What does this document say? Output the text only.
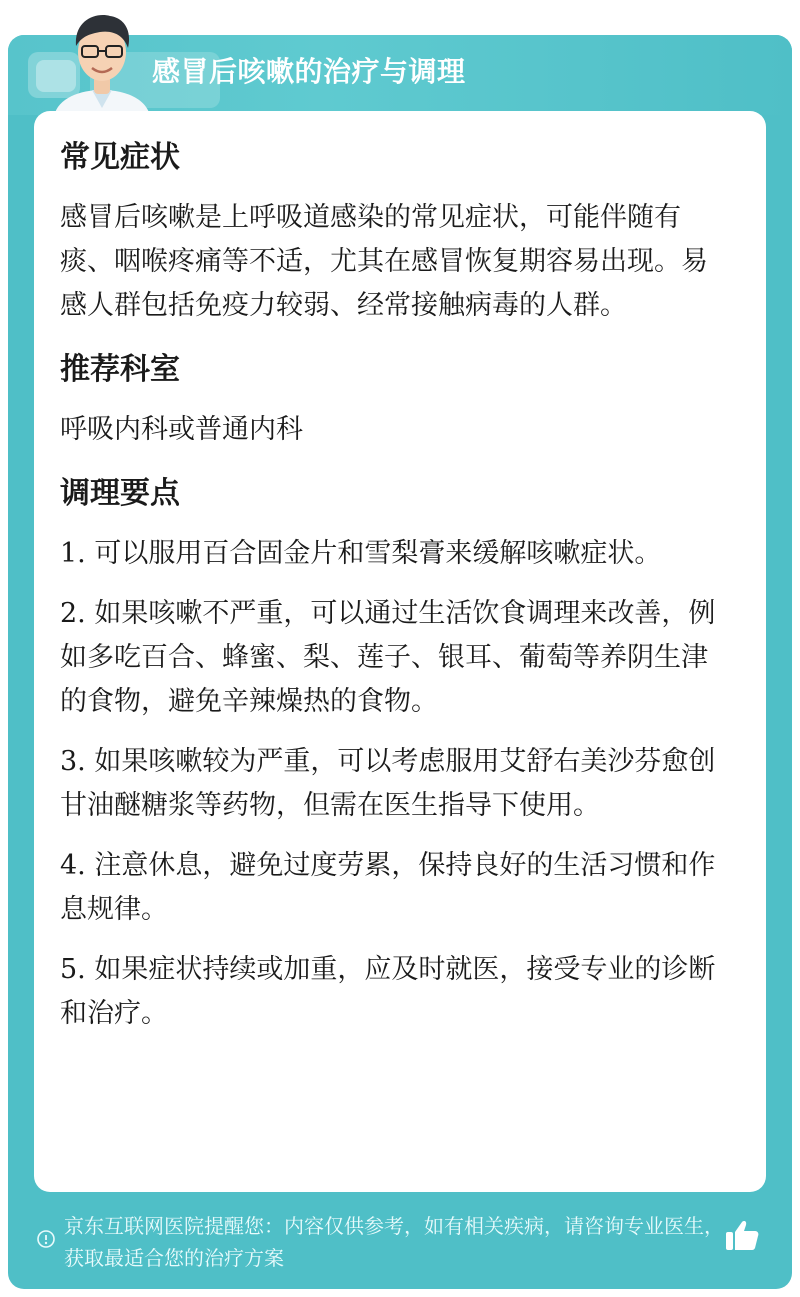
感冒后咳嗽的治疗与调理

常见症状

感冒后咳嗽是上呼吸道感染的常见症状，可能伴随有痰、咽喉疼痛等不适，尤其在感冒恢复期容易出现。易感人群包括免疫力较弱、经常接触病毒的人群。

推荐科室

呼吸内科或普通内科

调理要点

1. 可以服用百合固金片和雪梨膏来缓解咳嗽症状。

2. 如果咳嗽不严重，可以通过生活饮食调理来改善，例如多吃百合、蜂蜜、梨、莲子、银耳、葡萄等养阴生津的食物，避免辛辣燥热的食物。

3. 如果咳嗽较为严重，可以考虑服用艾舒右美沙芬愈创甘油醚糖浆等药物，但需在医生指导下使用。

4. 注意休息，避免过度劳累，保持良好的生活习惯和作息规律。

5. 如果症状持续或加重，应及时就医，接受专业的诊断和治疗。

京东互联网医院提醒您：内容仅供参考，如有相关疾病，请咨询专业医生，获取最适合您的治疗方案
